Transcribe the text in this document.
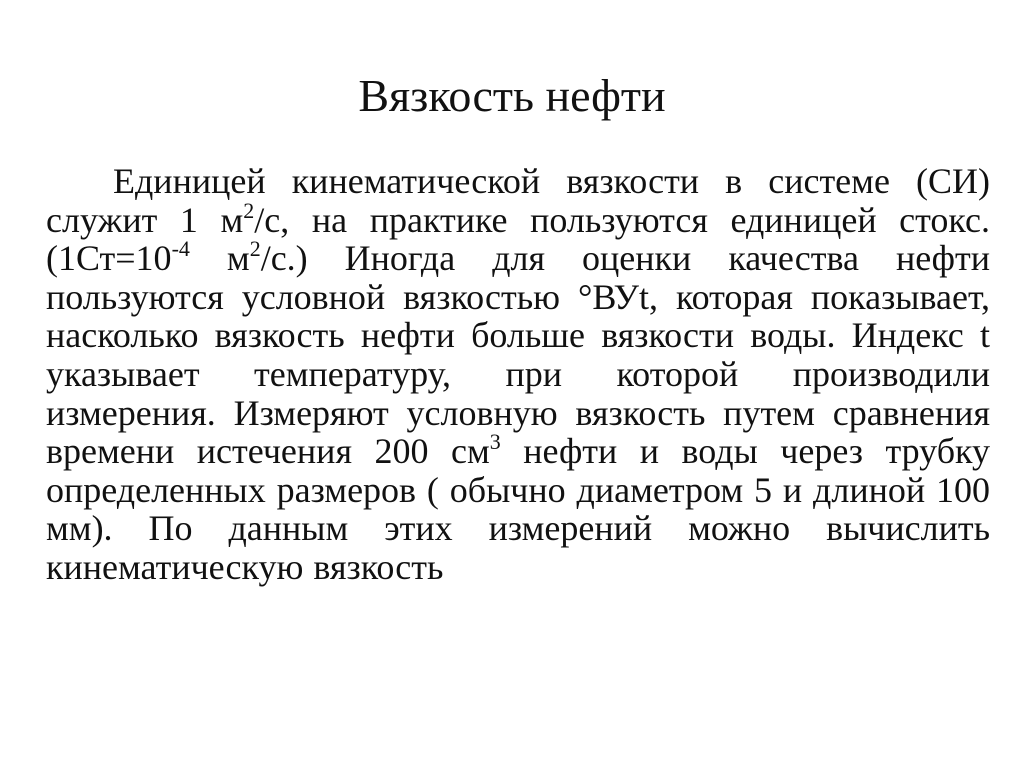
Вязкость нефти

Единицей кинематической вязкости в системе (СИ) служит 1 $м^2/с$, на практике пользуются единицей стокс. ($1Ст=10^{-4}$ $м^2/с$.) Иногда для оценки качества нефти пользуются условной вязкостью °ВУt, которая показывает, насколько вязкость нефти больше вязкости воды. Индекс t указывает температуру, при которой производили измерения. Измеряют условную вязкость путем сравнения времени истечения 200 $см^3$ нефти и воды через трубку определенных размеров ( обычно диаметром 5 и длиной 100 мм). По данным этих измерений можно вычислить кинематическую вязкость
